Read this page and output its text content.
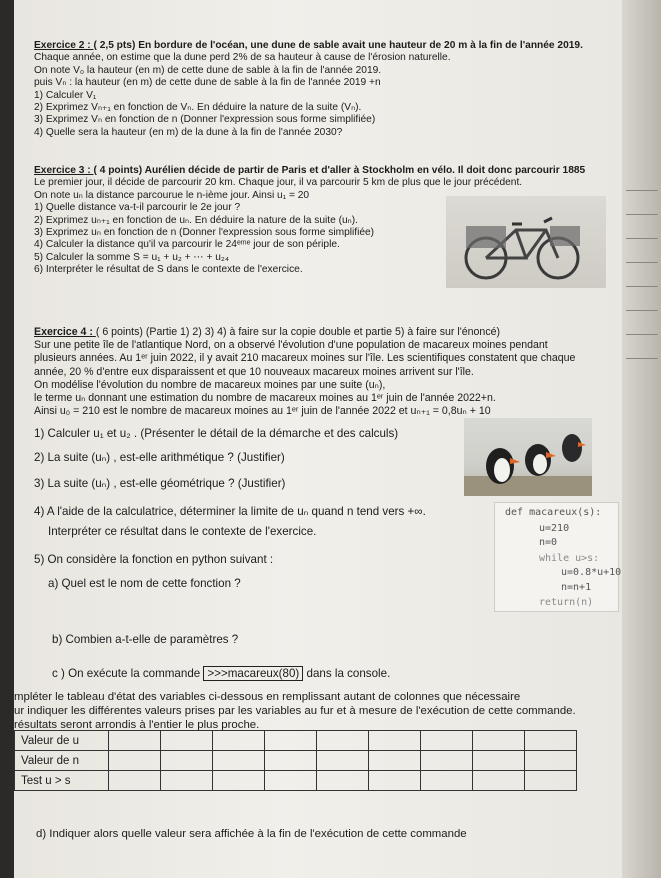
Exercice 2 : ( 2,5 pts) En bordure de l'océan, une dune de sable avait une hauteur de 20 m à la fin de l'année 2019.

Chaque année, on estime que la dune perd 2% de sa hauteur à cause de l'érosion naturelle.

On note V₀ la hauteur (en m) de cette dune de sable à la fin de l'année 2019.

puis Vₙ : la hauteur (en m) de cette dune de sable à la fin de l'année 2019 +n

1) Calculer V₁

2) Exprimez Vₙ₊₁ en fonction de Vₙ. En déduire la nature de la suite (Vₙ).

3) Exprimez Vₙ en fonction de n (Donner l'expression sous forme simplifiée)

4) Quelle sera la hauteur (en m) de la dune à la fin de l'année 2030?

Exercice 3 : ( 4 points) Aurélien décide de partir de Paris et d'aller à Stockholm en vélo. Il doit donc parcourir 1885

Le premier jour, il décide de parcourir 20 km. Chaque jour, il va parcourir 5 km de plus que le jour précédent.

On note uₙ la distance parcourue le n-ième jour. Ainsi u₁ = 20

1) Quelle distance va-t-il parcourir le 2e jour ?

2) Exprimez uₙ₊₁ en fonction de uₙ. En déduire la nature de la suite (uₙ).

3) Exprimez uₙ en fonction de n (Donner l'expression sous forme simplifiée)

4) Calculer la distance qu'il va parcourir le 24ᵉᵐᵉ jour de son périple.

5) Calculer la somme S = u₁ + u₂ + ⋯ + u₂₄

6) Interpréter le résultat de S dans le contexte de l'exercice.

Exercice 4 : ( 6 points) (Partie 1) 2) 3) 4) à faire sur la copie double et partie 5) à faire sur l'énoncé)

Sur une petite île de l'atlantique Nord, on a observé l'évolution d'une population de macareux moines pendant

plusieurs années. Au 1ᵉʳ juin 2022, il y avait 210 macareux moines sur l'île. Les scientifiques constatent que chaque

année, 20 % d'entre eux disparaissent et que 10 nouveaux macareux moines arrivent sur l'île.

On modélise l'évolution du nombre de macareux moines par une suite (uₙ),

le terme uₙ donnant une estimation du nombre de macareux moines au 1ᵉʳ juin de l'année 2022+n.

Ainsi u₀ = 210 est le nombre de macareux moines au 1ᵉʳ juin de l'année 2022 et uₙ₊₁ = 0,8uₙ + 10

1) Calculer u₁ et u₂ . (Présenter le détail de la démarche et des calculs)

2) La suite (uₙ) , est-elle arithmétique ? (Justifier)

3) La suite (uₙ) , est-elle géométrique ? (Justifier)

4) A l'aide de la calculatrice, déterminer la limite de uₙ quand n tend vers +∞.

Interpréter ce résultat dans le contexte de l'exercice.

5) On considère la fonction en python suivant :

a) Quel est le nom de cette fonction ?

b) Combien a-t-elle de paramètres ?

c ) On exécute la commande >>>macareux(80) dans la console.

def macareux(s):
u=210
n=0
while u>s:
u=0.8*u+10
n=n+1
return(n)

mpléter le tableau d'état des variables ci-dessous en remplissant autant de colonnes que nécessaire

ur indiquer les différentes valeurs prises par les variables au fur et à mesure de l'exécution de cette commande.

résultats seront arrondis à l'entier le plus proche.

Valeur de u									
Valeur de n									
Test u > s									

d) Indiquer alors quelle valeur sera affichée à la fin de l'exécution de cette commande
